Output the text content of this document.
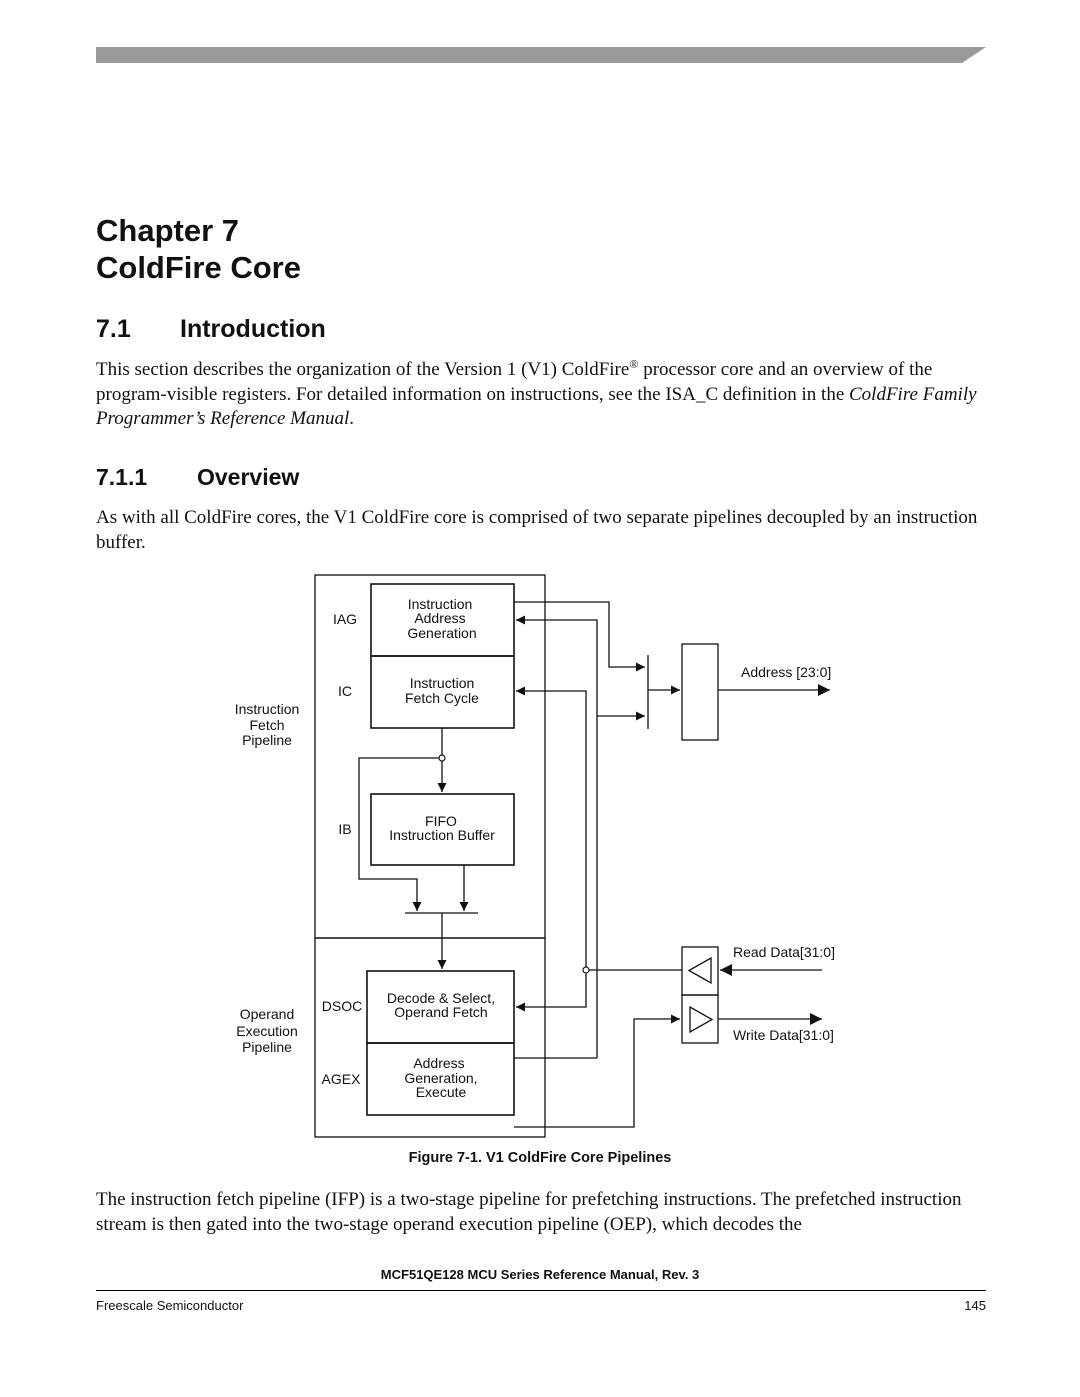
Chapter 7
ColdFire Core
7.1 Introduction

This section describes the organization of the Version 1 (V1) ColdFire® processor core and an overview of the program-visible registers. For detailed information on instructions, see the ISA_C definition in the ColdFire Family Programmer’s Reference Manual.

7.1.1 Overview

As with all ColdFire cores, the V1 ColdFire core is comprised of two separate pipelines decoupled by an instruction buffer.

Instruction
Fetch
Pipeline
Operand
Execution
Pipeline
IAG
IC
IB
DSOC
AGEX
Instruction
Address
Generation
Instruction
Fetch Cycle
FIFO
Instruction Buffer
Decode & Select,
Operand Fetch
Address
Generation,
Execute
Address [23:0]
Read Data[31:0]
Write Data[31:0]

Figure 7-1. V1 ColdFire Core Pipelines

The instruction fetch pipeline (IFP) is a two-stage pipeline for prefetching instructions. The prefetched instruction stream is then gated into the two-stage operand execution pipeline (OEP), which decodes the

MCF51QE128 MCU Series Reference Manual, Rev. 3

Freescale Semiconductor	145
